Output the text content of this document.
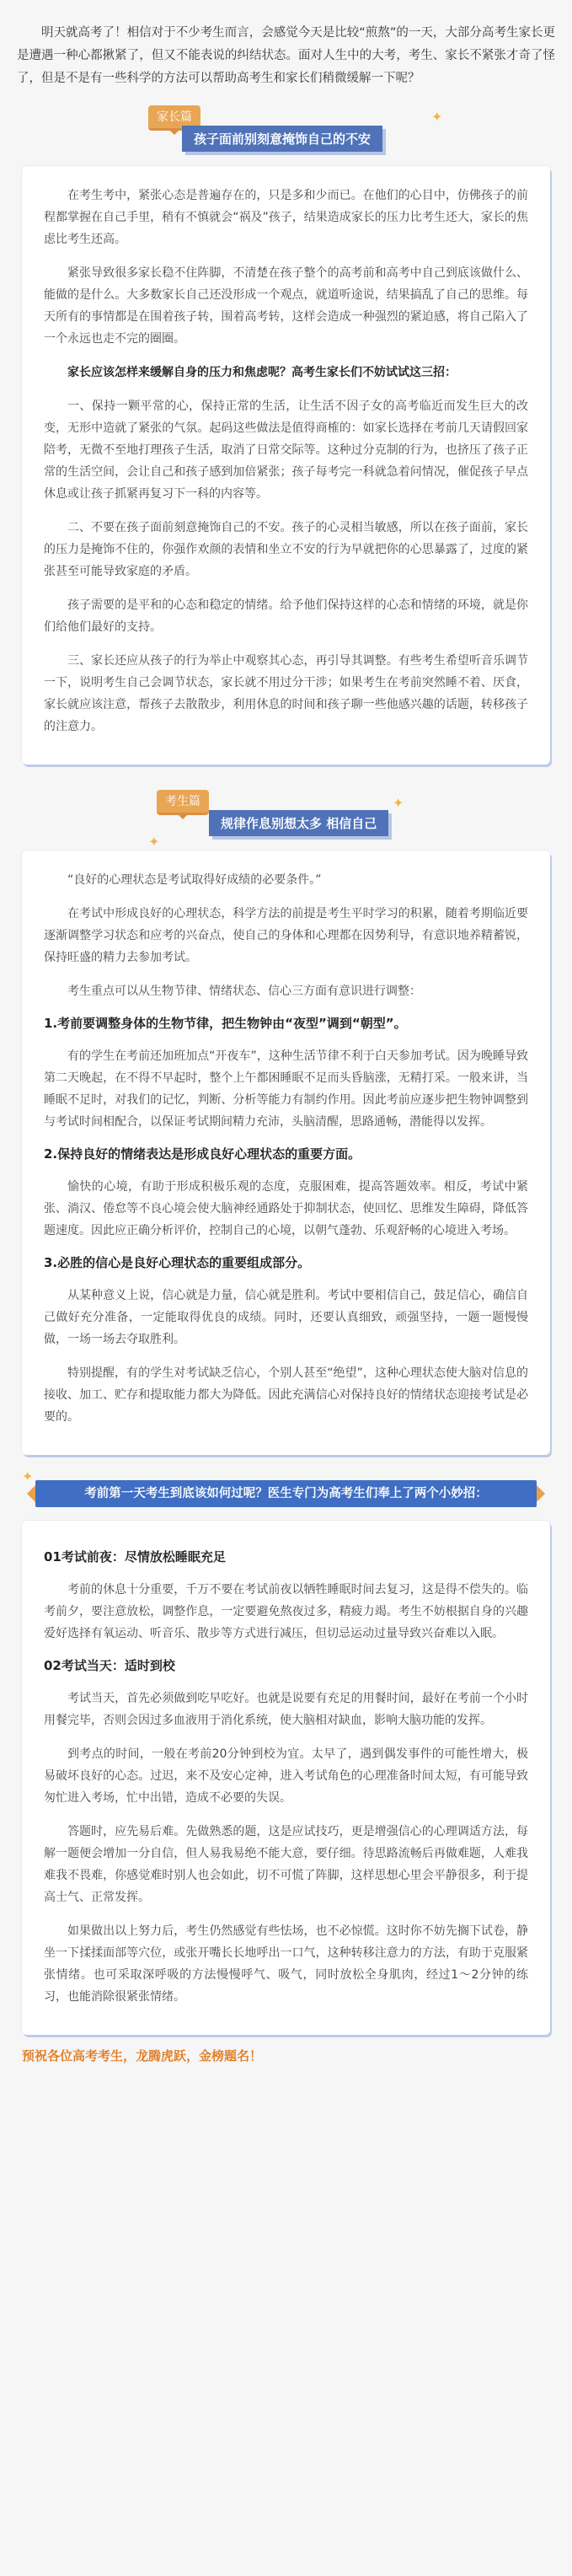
明天就高考了！相信对于不少考生而言，会感觉今天是比较“煎熬”的一天，大部分高考生家长更是遭遇一种心都揪紧了，但又不能表说的纠结状态。面对人生中的大考，考生、家长不紧张才奇了怪了，但是不是有一些科学的方法可以帮助高考生和家长们稍微缓解一下呢？

家长篇
孩子面前别刻意掩饰自己的不安
✦

在考生考中，紧张心态是普遍存在的，只是多和少而已。在他们的心目中，仿佛孩子的前程都掌握在自己手里，稍有不慎就会“祸及”孩子，结果造成家长的压力比考生还大，家长的焦虑比考生还高。

紧张导致很多家长稳不住阵脚，不清楚在孩子整个的高考前和高考中自己到底该做什么、能做的是什么。大多数家长自己还没形成一个观点，就道听途说，结果搞乱了自己的思维。每天所有的事情都是在围着孩子转，围着高考转，这样会造成一种强烈的紧迫感，将自己陷入了一个永远也走不完的圈圈。

家长应该怎样来缓解自身的压力和焦虑呢？高考生家长们不妨试试这三招：

一、保持一颗平常的心，保持正常的生活，让生活不因子女的高考临近而发生巨大的改变，无形中造就了紧张的气氛。起码这些做法是值得商榷的：如家长选择在考前几天请假回家陪考，无微不至地打理孩子生活，取消了日常交际等。这种过分克制的行为，也挤压了孩子正常的生活空间，会让自己和孩子感到加倍紧张；孩子每考完一科就急着问情况，催促孩子早点休息或让孩子抓紧再复习下一科的内容等。

二、不要在孩子面前刻意掩饰自己的不安。孩子的心灵相当敏感，所以在孩子面前，家长的压力是掩饰不住的，你强作欢颜的表情和坐立不安的行为早就把你的心思暴露了，过度的紧张甚至可能导致家庭的矛盾。

孩子需要的是平和的心态和稳定的情绪。给予他们保持这样的心态和情绪的环境，就是你们给他们最好的支持。

三、家长还应从孩子的行为举止中观察其心态，再引导其调整。有些考生希望听音乐调节一下，说明考生自己会调节状态，家长就不用过分干涉；如果考生在考前突然睡不着、厌食，家长就应该注意，帮孩子去散散步，利用休息的时间和孩子聊一些他感兴趣的话题，转移孩子的注意力。

考生篇
规律作息别想太多 相信自己
✦
✦

“良好的心理状态是考试取得好成绩的必要条件。”

在考试中形成良好的心理状态，科学方法的前提是考生平时学习的积累，随着考期临近要逐渐调整学习状态和应考的兴奋点，使自己的身体和心理都在因势利导，有意识地养精蓄锐，保持旺盛的精力去参加考试。

考生重点可以从生物节律、情绪状态、信心三方面有意识进行调整：

1.考前要调整身体的生物节律，把生物钟由“夜型”调到“朝型”。

有的学生在考前还加班加点“开夜车”，这种生活节律不利于白天参加考试。因为晚睡导致第二天晚起，在不得不早起时，整个上午都困睡眠不足而头昏脑涨，无精打采。一般来讲，当睡眠不足时，对我们的记忆，判断、分析等能力有制约作用。因此考前应逐步把生物钟调整到与考试时间相配合，以保证考试期间精力充沛，头脑清醒，思路通畅，潜能得以发挥。

2.保持良好的情绪表达是形成良好心理状态的重要方面。

愉快的心境，有助于形成积极乐观的态度，克服困难，提高答题效率。相反，考试中紧张、淌汉、倦怠等不良心境会使大脑神经通路处于抑制状态，使回忆、思维发生障碍，降低答题速度。因此应正确分析评价，控制自己的心境，以朝气蓬勃、乐观舒畅的心境进入考场。

3.必胜的信心是良好心理状态的重要组成部分。

从某种意义上说，信心就是力量，信心就是胜利。考试中要相信自己，鼓足信心，确信自己做好充分准备，一定能取得优良的成绩。同时，还要认真细致，顽强坚持，一题一题慢慢做，一场一场去夺取胜利。

特别提醒，有的学生对考试缺乏信心，个别人甚至“绝望”，这种心理状态使大脑对信息的接收、加工、贮存和提取能力都大为降低。因此充满信心对保持良好的情绪状态迎接考试是必要的。

考前第一天考生到底该如何过呢？医生专门为高考生们奉上了两个小妙招：
✦
01考试前夜：尽情放松睡眠充足

考前的休息十分重要，千万不要在考试前夜以牺牲睡眠时间去复习，这是得不偿失的。临考前夕，要注意放松，调整作息，一定要避免熬夜过多，精疲力竭。考生不妨根据自身的兴趣爱好选择有氧运动、听音乐、散步等方式进行减压，但切忌运动过量导致兴奋难以入眠。

02考试当天：适时到校

考试当天，首先必须做到吃早吃好。也就是说要有充足的用餐时间，最好在考前一个小时用餐完毕，否则会因过多血液用于消化系统，使大脑相对缺血，影响大脑功能的发挥。

到考点的时间，一般在考前20分钟到校为宜。太早了，遇到偶发事件的可能性增大，极易破坏良好的心态。过迟，来不及安心定神，进入考试角色的心理准备时间太短，有可能导致匆忙进入考场，忙中出错，造成不必要的失误。

答题时，应先易后难。先做熟悉的题，这是应试技巧，更是增强信心的心理调适方法，每解一题便会增加一分自信，但人易我易绝不能大意，要仔细。待思路流畅后再做难题，人难我难我不畏难，你感觉难时别人也会如此，切不可慌了阵脚，这样思想心里会平静很多，利于提高士气、正常发挥。

如果做出以上努力后，考生仍然感觉有些怯场，也不必惊慌。这时你不妨先搁下试卷，静坐一下揉揉面部等穴位，或张开嘴长长地呼出一口气，这种转移注意力的方法，有助于克服紧张情绪。也可采取深呼吸的方法慢慢呼气、吸气，同时放松全身肌肉，经过1～2分钟的练习，也能消除很紧张情绪。

预祝各位高考考生，龙腾虎跃，金榜题名！
